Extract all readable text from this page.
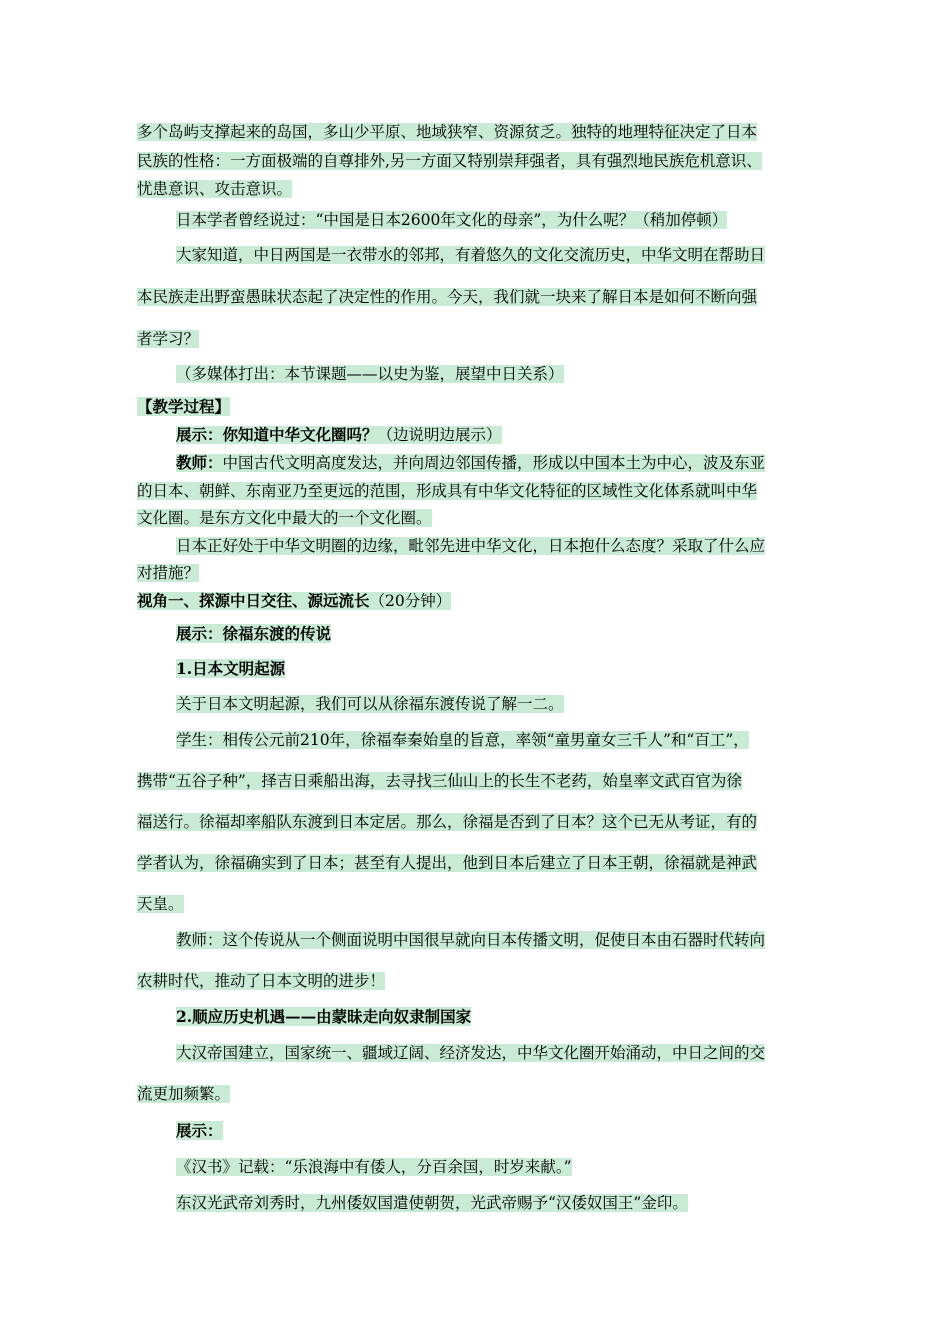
多个岛屿支撑起来的岛国，多山少平原、地域狭窄、资源贫乏。独特的地理特征决定了日本
民族的性格：一方面极端的自尊排外,另一方面又特别崇拜强者，具有强烈地民族危机意识、
忧患意识、攻击意识。
日本学者曾经说过：“中国是日本2600年文化的母亲”，为什么呢？（稍加停顿）
大家知道，中日两国是一衣带水的邻邦，有着悠久的文化交流历史，中华文明在帮助日
本民族走出野蛮愚昧状态起了决定性的作用。今天，我们就一块来了解日本是如何不断向强
者学习？
（多媒体打出：本节课题——以史为鉴，展望中日关系）
【教学过程】
展示：你知道中华文化圈吗？（边说明边展示）
教师：中国古代文明高度发达，并向周边邻国传播，形成以中国本土为中心，波及东亚
的日本、朝鲜、东南亚乃至更远的范围，形成具有中华文化特征的区域性文化体系就叫中华
文化圈。是东方文化中最大的一个文化圈。
日本正好处于中华文明圈的边缘，毗邻先进中华文化，日本抱什么态度？采取了什么应
对措施？
视角一、探源中日交往、源远流长（20分钟）
展示：徐福东渡的传说
1.日本文明起源
关于日本文明起源，我们可以从徐福东渡传说了解一二。
学生：相传公元前210年，徐福奉秦始皇的旨意，率领“童男童女三千人”和“百工”，
携带“五谷子种”，择吉日乘船出海，去寻找三仙山上的长生不老药，始皇率文武百官为徐
福送行。徐福却率船队东渡到日本定居。那么，徐福是否到了日本？这个已无从考证，有的
学者认为，徐福确实到了日本；甚至有人提出，他到日本后建立了日本王朝，徐福就是神武
天皇。
教师：这个传说从一个侧面说明中国很早就向日本传播文明，促使日本由石器时代转向
农耕时代，推动了日本文明的进步！
2.顺应历史机遇——由蒙昧走向奴隶制国家
大汉帝国建立，国家统一、疆域辽阔、经济发达，中华文化圈开始涌动，中日之间的交
流更加频繁。
展示：
《汉书》记载：“乐浪海中有倭人，分百余国，时岁来献。”
东汉光武帝刘秀时，九州倭奴国遣使朝贺，光武帝赐予“汉倭奴国王”金印。
